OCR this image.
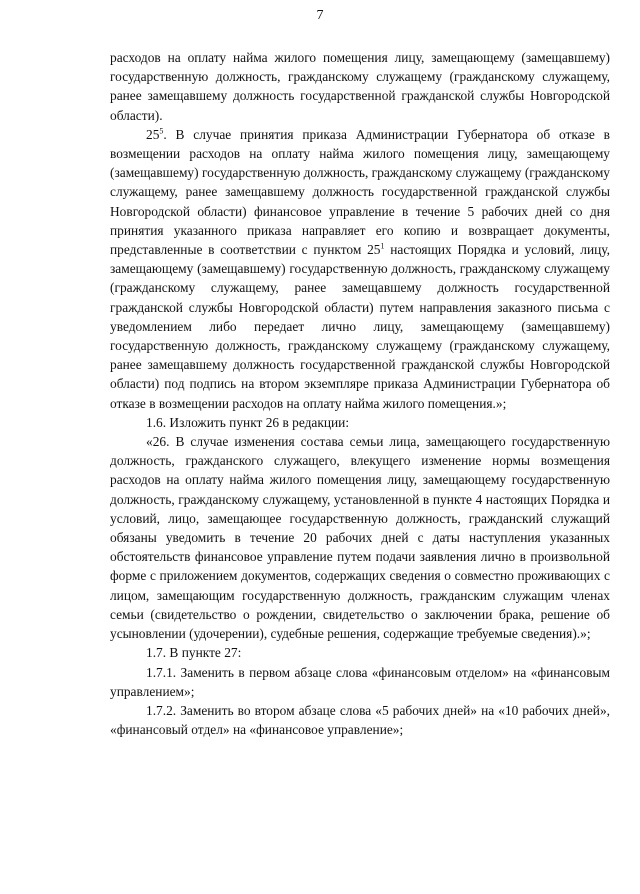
7

расходов на оплату найма жилого помещения лицу, замещающему (замещавшему) государственную должность, гражданскому служащему (гражданскому служащему, ранее замещавшему должность государственной гражданской службы Новгородской области).

$25^5$. В случае принятия приказа Администрации Губернатора об отказе в возмещении расходов на оплату найма жилого помещения лицу, замещающему (замещавшему) государственную должность, гражданскому служащему (гражданскому служащему, ранее замещавшему должность государственной гражданской службы Новгородской области) финансовое управление в течение 5 рабочих дней со дня принятия указанного приказа направляет его копию и возвращает документы, представленные в соответствии с пунктом $25^1$ настоящих Порядка и условий, лицу, замещающему (замещавшему) государственную должность, гражданскому служащему (гражданскому служащему, ранее замещавшему должность государственной гражданской службы Новгородской области) путем направления заказного письма с уведомлением либо передает лично лицу, замещающему (замещавшему) государственную должность, гражданскому служащему (гражданскому служащему, ранее замещавшему должность государственной гражданской службы Новгородской области) под подпись на втором экземпляре приказа Администрации Губернатора об отказе в возмещении расходов на оплату найма жилого помещения.»;

1.6. Изложить пункт 26 в редакции:

«26. В случае изменения состава семьи лица, замещающего государственную должность, гражданского служащего, влекущего изменение нормы возмещения расходов на оплату найма жилого помещения лицу, замещающему государственную должность, гражданскому служащему, установленной в пункте 4 настоящих Порядка и условий, лицо, замещающее государственную должность, гражданский служащий обязаны уведомить в течение 20 рабочих дней с даты наступления указанных обстоятельств финансовое управление путем подачи заявления лично в произвольной форме с приложением документов, содержащих сведения о совместно проживающих с лицом, замещающим государственную должность, гражданским служащим членах семьи (свидетельство о рождении, свидетельство о заключении брака, решение об усыновлении (удочерении), судебные решения, содержащие требуемые сведения).»;

1.7. В пункте 27:

1.7.1. Заменить в первом абзаце слова «финансовым отделом» на «финансовым управлением»;

1.7.2. Заменить во втором абзаце слова «5 рабочих дней» на «10 рабочих дней», «финансовый отдел» на «финансовое управление»;
